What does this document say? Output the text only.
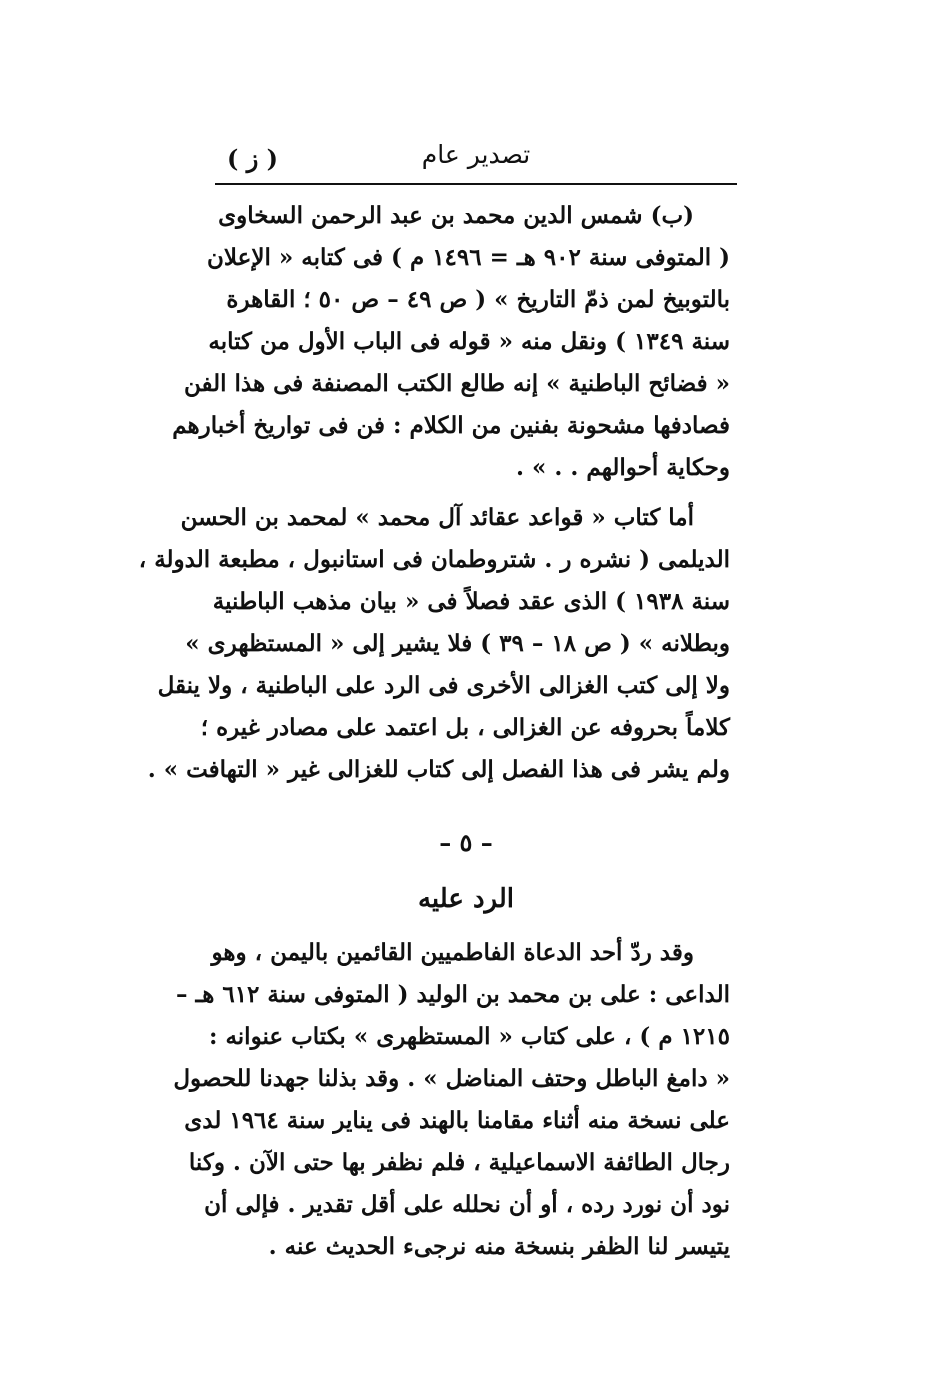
تصدير عام
( ز )
(ب) شمس الدين محمد بن عبد الرحمن السخاوى
( المتوفى سنة ٩٠٢ هـ = ١٤٩٦ م ) فى كتابه « الإعلان
بالتوبيخ لمن ذمّ التاريخ » ( ص ٤٩ – ص ٥٠ ؛ القاهرة
سنة ١٣٤٩ ) ونقل منه « قوله فى الباب الأول من كتابه
« فضائح الباطنية » إنه طالع الكتب المصنفة فى هذا الفن
فصادفها مشحونة بفنين من الكلام : فن فى تواريخ أخبارهم
وحكاية أحوالهم . . » .
أما كتاب « قواعد عقائد آل محمد » لمحمد بن الحسن
الديلمى ( نشره ر . شتروطمان فى استانبول ، مطبعة الدولة ،
سنة ١٩٣٨ ) الذى عقد فصلاً فى « بيان مذهب الباطنية
وبطلانه » ( ص ١٨ – ٣٩ ) فلا يشير إلى « المستظهرى »
ولا إلى كتب الغزالى الأخرى فى الرد على الباطنية ، ولا ينقل
كلاماً بحروفه عن الغزالى ، بل اعتمد على مصادر غيره ؛
ولم يشر فى هذا الفصل إلى كتاب للغزالى غير « التهافت » .
– ٥ –
الرد عليه
وقد ردّ أحد الدعاة الفاطميين القائمين باليمن ، وهو
الداعى : على بن محمد بن الوليد ( المتوفى سنة ٦١٢ هـ –
١٢١٥ م ) ، على كتاب « المستظهرى » بكتاب عنوانه :
« دامغ الباطل وحتف المناضل » . وقد بذلنا جهدنا للحصول
على نسخة منه أثناء مقامنا بالهند فى يناير سنة ١٩٦٤ لدى
رجال الطائفة الاسماعيلية ، فلم نظفر بها حتى الآن . وكنا
نود أن نورد رده ، أو أن نحلله على أقل تقدير . فإلى أن
يتيسر لنا الظفر بنسخة منه نرجىء الحديث عنه .
